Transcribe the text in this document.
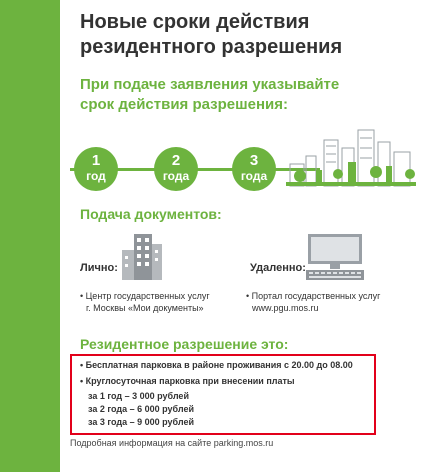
Новые сроки действия
резидентного разрешения
При подаче заявления указывайте
срок действия разрешения:
1
год
2
года
3
года
Подача документов:
Лично:	Удаленно:
• Центр государственных услуг
г. Москвы «Мои документы»
• Портал государственных услуг
www.pgu.mos.ru
Резидентное разрешение это:
• Бесплатная парковка в районе проживания с 20.00 до 08.00
• Круглосуточная парковка при внесении платы
за 1 год – 3 000 рублей
за 2 года – 6 000 рублей
за 3 года – 9 000 рублей
Подробная информация на сайте parking.mos.ru
